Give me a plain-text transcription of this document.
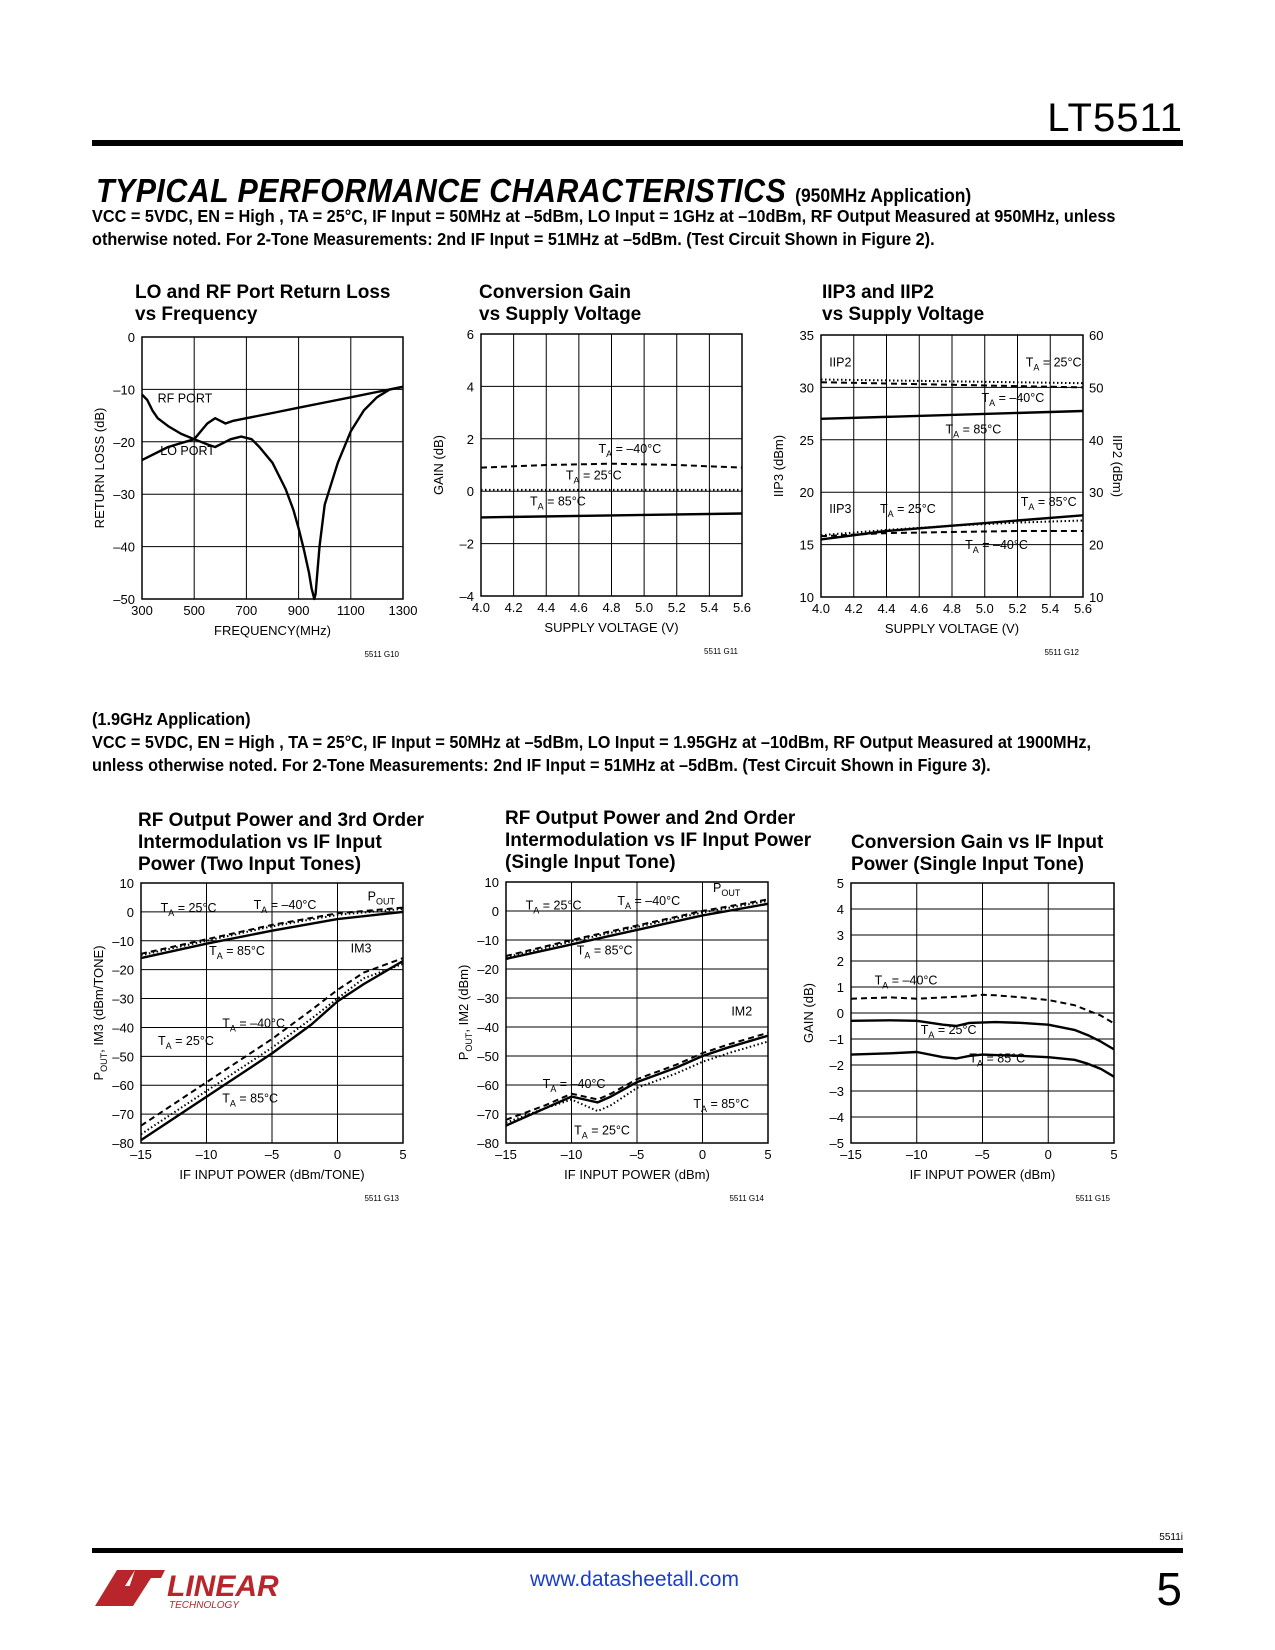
LT5511
TYPICAL PERFORMANCE CHARACTERISTICS (950MHz Application)
VCC = 5VDC, EN = High , TA = 25°C, IF Input = 50MHz at –5dBm, LO Input = 1GHz at –10dBm, RF Output Measured at 950MHz, unless
otherwise noted. For 2-Tone Measurements: 2nd IF Input = 51MHz at –5dBm. (Test Circuit Shown in Figure 2).
(1.9GHz Application)
VCC = 5VDC, EN = High , TA = 25°C, IF Input = 50MHz at –5dBm, LO Input = 1.95GHz at –10dBm, RF Output Measured at 1900MHz,
unless otherwise noted. For 2-Tone Measurements: 2nd IF Input = 51MHz at –5dBm. (Test Circuit Shown in Figure 3).
LO and RF Port Return Loss
vs Frequency
300 500 700 900 1100 1300
0
–10
–20
–30
–40
–50
FREQUENCY(MHz)
RETURN LOSS (dB)
RF PORT
LO PORT
5511 G10
Conversion Gain
vs Supply Voltage
4.0 4.2 4.4 4.6 4.8 5.0 5.2 5.4 5.6
6
4
2
0
–2
–4
SUPPLY VOLTAGE (V)
GAIN (dB)	$T_A = -40^\circ C$
$T_A = 25^\circ C$
$T_A = 85^\circ C$
5511 G11
IIP3 and IIP2
vs Supply Voltage
4.0 4.2 4.4 4.6 4.8 5.0 5.2 5.4 5.6
35
30
25
20
15
10
60
50
40
30
20
10
SUPPLY VOLTAGE (V)
IIP3 (dBm)	IIP2 (dBm)
IIP2	$T_A = 25^\circ C$
$T_A = -40^\circ C$
$T_A = 85^\circ C$
IIP3 $T_A = 25^\circ C$
$T_A = 85^\circ C$
$T_A = -40^\circ C$
5511 G12
RF Output Power and 3rd Order
Intermodulation vs IF Input
Power (Two Input Tones)
–15	–10	–5	0	5
10
0
–10
–20
–30
–40
–50
–60
–70
–80
IF INPUT POWER (dBm/TONE)
$P_{OUT}$, IM3 (dBm/TONE)
$P_{OUT}$
$T_A = 25^\circ C$	$T_A = -40^\circ C$
$T_A = 85^\circ C$	IM3
$T_A = -40^\circ C$
$T_A = 25^\circ C$
$T_A = 85^\circ C$
5511 G13
RF Output Power and 2nd Order
Intermodulation vs IF Input Power
(Single Input Tone)
–15	–10	–5	0	5
10
0
–10
–20
–30
–40
–50
–60
–70
–80
IF INPUT POWER (dBm)
$P_{OUT}$, IM2 (dBm)
$P_{OUT}$
$T_A = 25^\circ C$	$T_A = -40^\circ C$
$T_A = 85^\circ C$
IM2
$T_A = -40^\circ C$
$T_A = 85^\circ C$
$T_A = 25^\circ C$
5511 G14
Conversion Gain vs IF Input
Power (Single Input Tone)
–15	–10	–5	0	5
5
4
3
2
1
0
–1
–2
–3
–4
–5
IF INPUT POWER (dBm)
GAIN (dB)
$T_A = -40^\circ C$
$T_A = 25^\circ C$
$T_A = 85^\circ C$
5511 G15
5511i
LINEAR
TECHNOLOGY
www.datasheetall.com	5
